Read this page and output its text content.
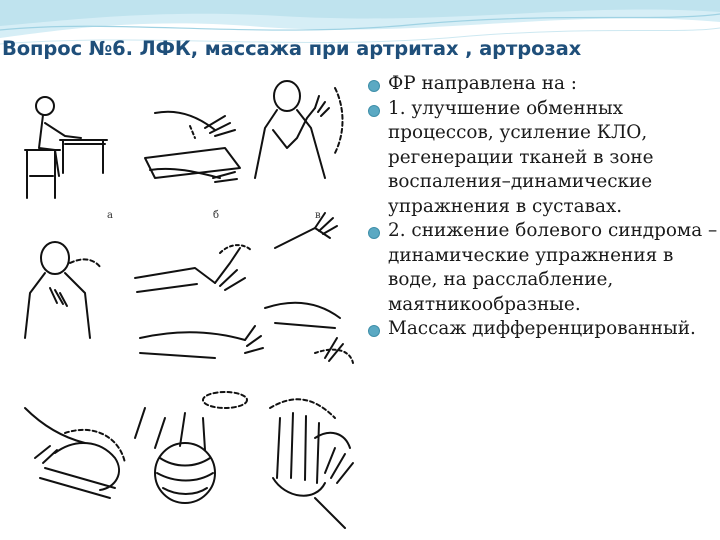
Вопрос №6. ЛФК, массажа при артритах , артрозах
а	б	в
ФР направлена на :
1. улучшение обменных процессов, усиление КЛО, регенерации тканей в зоне воспаления–динамические упражнения в суставах.
2. снижение болевого синдрома – динамические упражнения в воде, на расслабление, маятникообразные.
Массаж дифференцированный.
